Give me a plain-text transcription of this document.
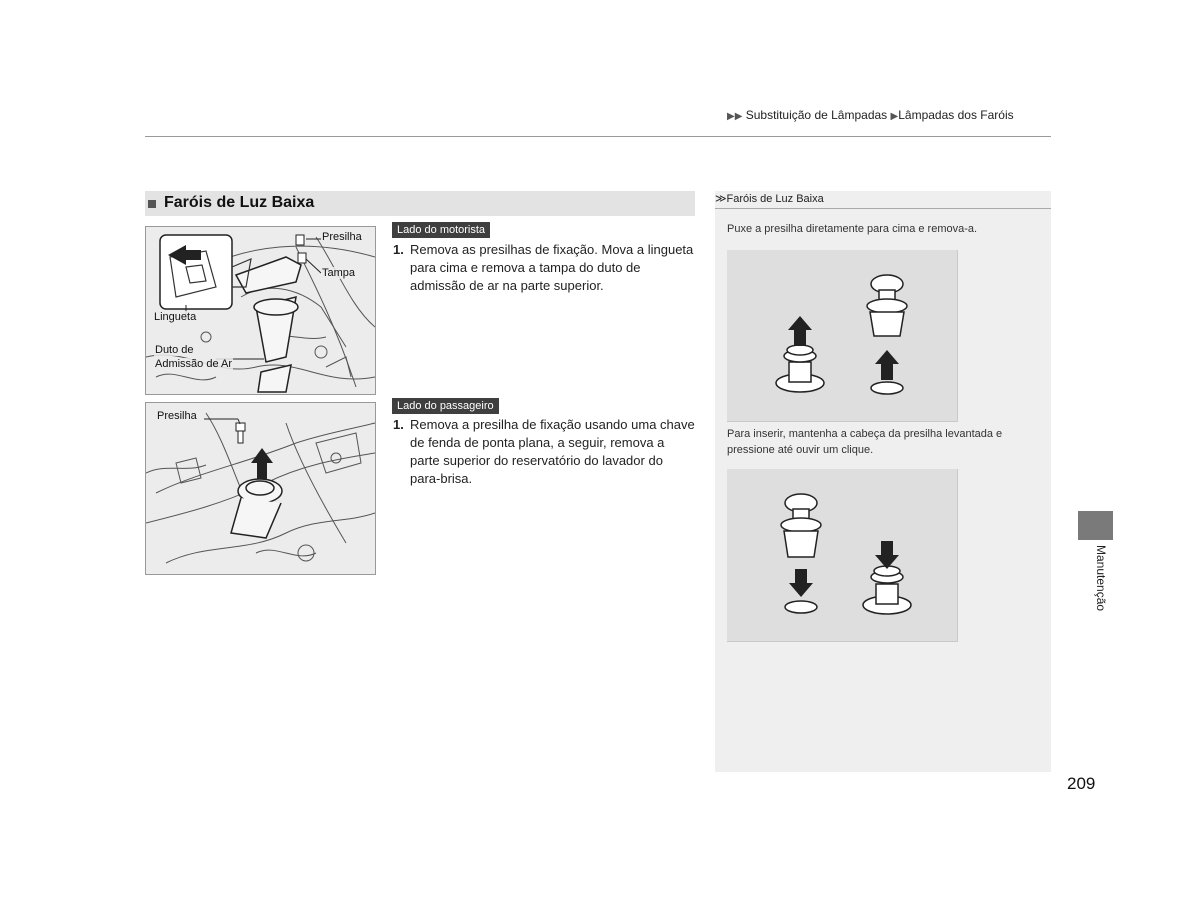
▶▶ Substituição de Lâmpadas ▶Lâmpadas dos Faróis
Faróis de Luz Baixa
Presilha
Tampa
Lingueta
Duto de
Admissão de Ar
Presilha
Lado do motorista
1. Remova as presilhas de fixação. Mova a lingueta para cima e remova a tampa do duto de admissão de ar na parte superior.
Lado do passageiro
1. Remova a presilha de fixação usando uma chave de fenda de ponta plana, a seguir, remova a parte superior do reservatório do lavador do para-brisa.
≫Faróis de Luz Baixa
Puxe a presilha diretamente para cima e remova-a.
Para inserir, mantenha a cabeça da presilha levantada e pressione até ouvir um clique.
Manutenção
209
